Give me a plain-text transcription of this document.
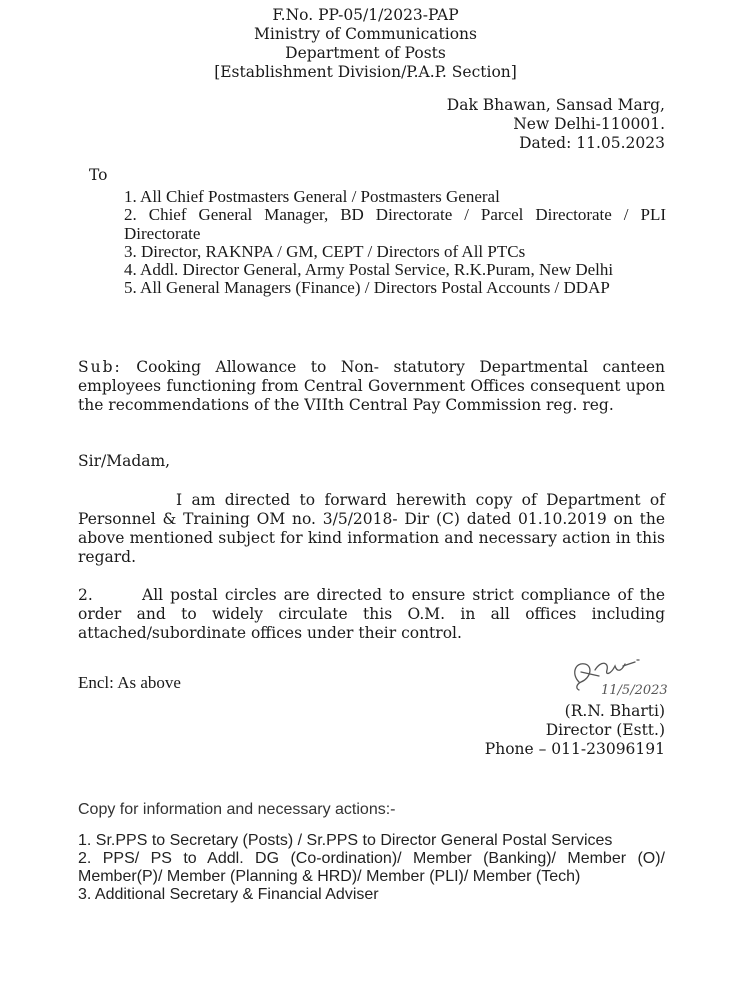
F.No. PP-05/1/2023-PAP
Ministry of Communications
Department of Posts
[Establishment Division/P.A.P. Section]
Dak Bhawan, Sansad Marg,
New Delhi-110001.
Dated: 11.05.2023
To
1. All Chief Postmasters General / Postmasters General
2. Chief General Manager, BD Directorate / Parcel Directorate / PLI Directorate
3. Director, RAKNPA / GM, CEPT / Directors of All PTCs
4. Addl. Director General, Army Postal Service, R.K.Puram, New Delhi
5. All General Managers (Finance) / Directors Postal Accounts / DDAP
Sub: Cooking Allowance to Non- statutory Departmental canteen employees functioning from Central Government Offices consequent upon the recommendations of the VIIth Central Pay Commission reg. reg.
Sir/Madam,
I am directed to forward herewith copy of Department of Personnel & Training OM no. 3/5/2018- Dir (C) dated 01.10.2019 on the above mentioned subject for kind information and necessary action in this regard.
2.	All postal circles are directed to ensure strict compliance of the order and to widely circulate this O.M. in all offices including attached/subordinate offices under their control.
Encl: As above	11/5/2023
(R.N. Bharti)
Director (Estt.)
Phone – 011-23096191
Copy for information and necessary actions:-
1. Sr.PPS to Secretary (Posts) / Sr.PPS to Director General Postal Services
2. PPS/ PS to Addl. DG (Co-ordination)/ Member (Banking)/ Member (O)/ Member(P)/ Member (Planning & HRD)/ Member (PLI)/ Member (Tech)
3. Additional Secretary & Financial Adviser
